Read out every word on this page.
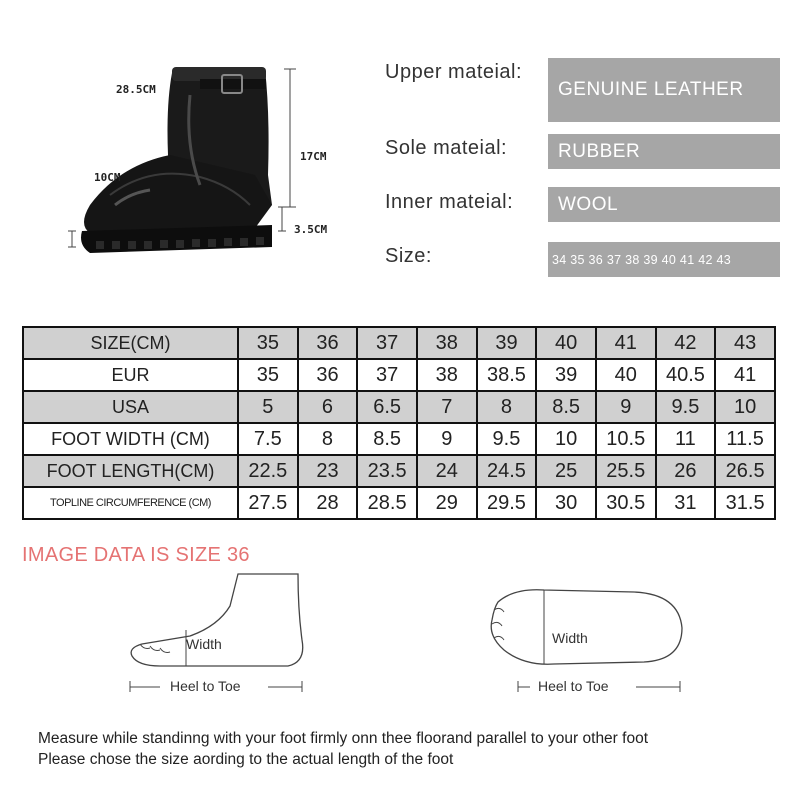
28.5CM
17CM
10CM
3.5CM
Upper mateial:
GENUINE LEATHER
Sole mateial:	RUBBER
Inner mateial:	WOOL
Size:	34 35 36 37 38 39 40 41 42 43
SIZE(CM)	35	36	37	38	39	40	41	42	43
EUR	35	36	37	38	38.5	39	40	40.5	41
USA	5	6	6.5	7	8	8.5	9	9.5	10
FOOT WIDTH (CM)	7.5	8	8.5	9	9.5	10	10.5	11	11.5
FOOT LENGTH(CM)	22.5	23	23.5	24	24.5	25	25.5	26	26.5
TOPLINE CIRCUMFERENCE (CM)	27.5	28	28.5	29	29.5	30	30.5	31	31.5
IMAGE DATA IS SIZE 36
Width
Heel to Toe
Width
Heel to Toe
Measure while standinng with your foot firmly onn thee floorand parallel to your other foot
Please chose the size aording to the actual length of the foot
